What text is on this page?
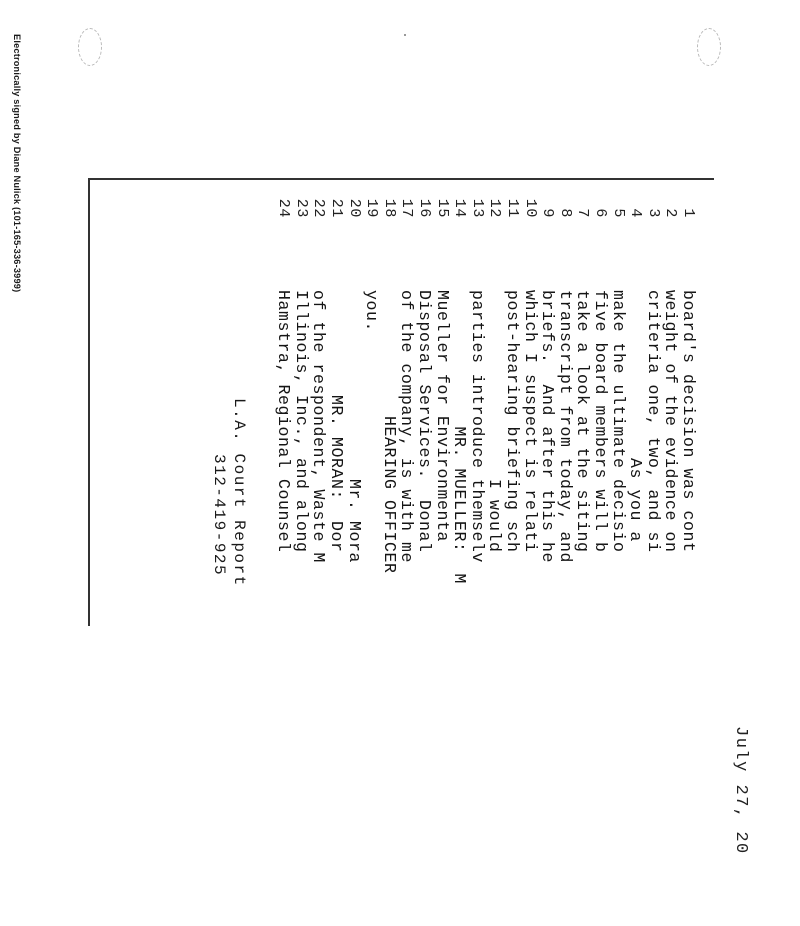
Electronically signed by Diane Nulick (101-165-336-3999)
July 27, 20
1
board's decision was cont
2
weight of the evidence on
3
criteria one, two, and si
4
As you a
5
make the ultimate decisio
6
five board members will b
7
take a look at the siting
8
transcript from today, and
9
briefs.  And after this he
10
which I suspect is relati
11
post-hearing briefing sch
12
I would
13
parties introduce themselv
14
MR. MUELLER:  M
15
Mueller for Environmenta
16
Disposal Services.  Donal
17
of the company, is with me
18
HEARING OFFICER
19
you.
20
Mr. Mora
21
MR. MORAN:  Dor
22
of the respondent, Waste M
23
Illinois, Inc., and along
24
Hamstra, Regional Counsel
L.A. Court Report
312-419-925
